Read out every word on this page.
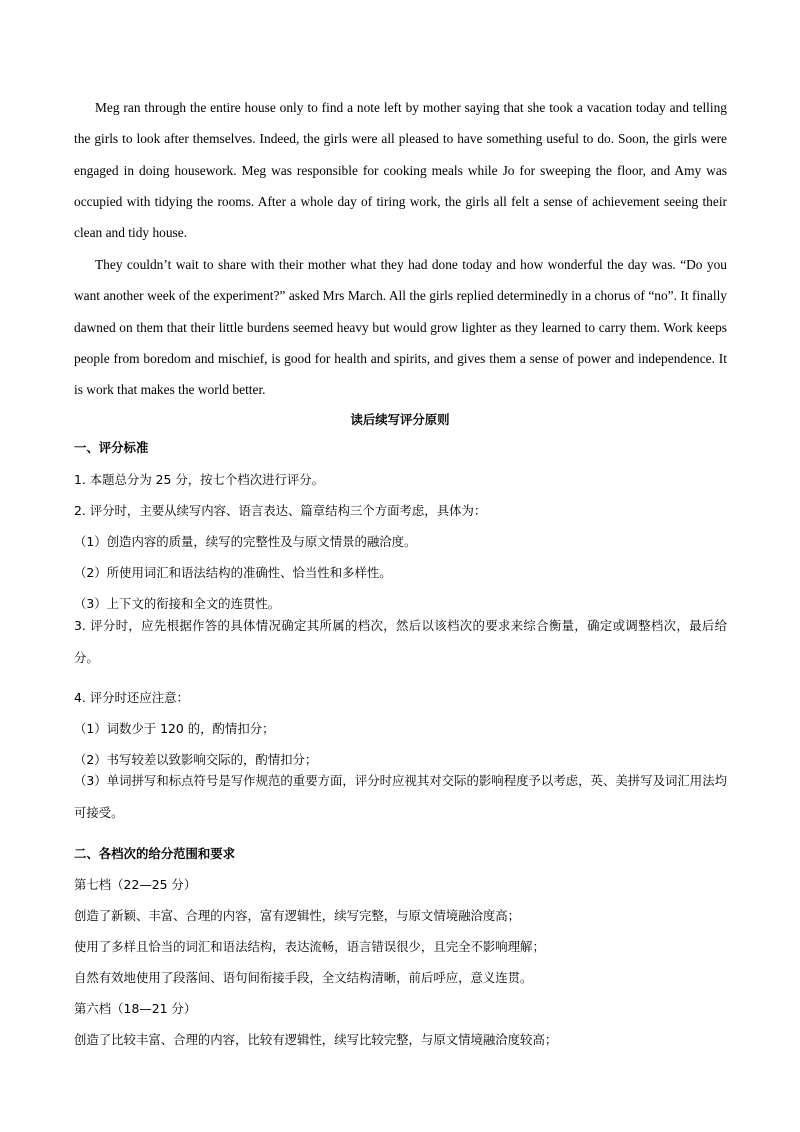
Meg ran through the entire house only to find a note left by mother saying that she took a vacation today and telling the girls to look after themselves. Indeed, the girls were all pleased to have something useful to do. Soon, the girls were engaged in doing housework. Meg was responsible for cooking meals while Jo for sweeping the floor, and Amy was occupied with tidying the rooms. After a whole day of tiring work, the girls all felt a sense of achievement seeing their clean and tidy house.

They couldn’t wait to share with their mother what they had done today and how wonderful the day was. “Do you want another week of the experiment?” asked Mrs March. All the girls replied determinedly in a chorus of “no”. It finally dawned on them that their little burdens seemed heavy but would grow lighter as they learned to carry them. Work keeps people from boredom and mischief, is good for health and spirits, and gives them a sense of power and independence. It is work that makes the world better.

读后续写评分原则

一、评分标准

1. 本题总分为 25 分，按七个档次进行评分。

2. 评分时，主要从续写内容、语言表达、篇章结构三个方面考虑，具体为：

（1）创造内容的质量，续写的完整性及与原文情景的融洽度。

（2）所使用词汇和语法结构的准确性、恰当性和多样性。

（3）上下文的衔接和全文的连贯性。

3. 评分时，应先根据作答的具体情况确定其所属的档次，然后以该档次的要求来综合衡量，确定或调整档次，最后给分。

4. 评分时还应注意：

（1）词数少于 120 的，酌情扣分；

（2）书写较差以致影响交际的，酌情扣分；

（3）单词拼写和标点符号是写作规范的重要方面，评分时应视其对交际的影响程度予以考虑，英、美拼写及词汇用法均可接受。

二、各档次的给分范围和要求

第七档（22—25 分）

创造了新颖、丰富、合理的内容，富有逻辑性，续写完整，与原文情境融洽度高；

使用了多样且恰当的词汇和语法结构，表达流畅，语言错误很少，且完全不影响理解；

自然有效地使用了段落间、语句间衔接手段，全文结构清晰，前后呼应，意义连贯。

第六档（18—21 分）

创造了比较丰富、合理的内容，比较有逻辑性，续写比较完整，与原文情境融洽度较高；
